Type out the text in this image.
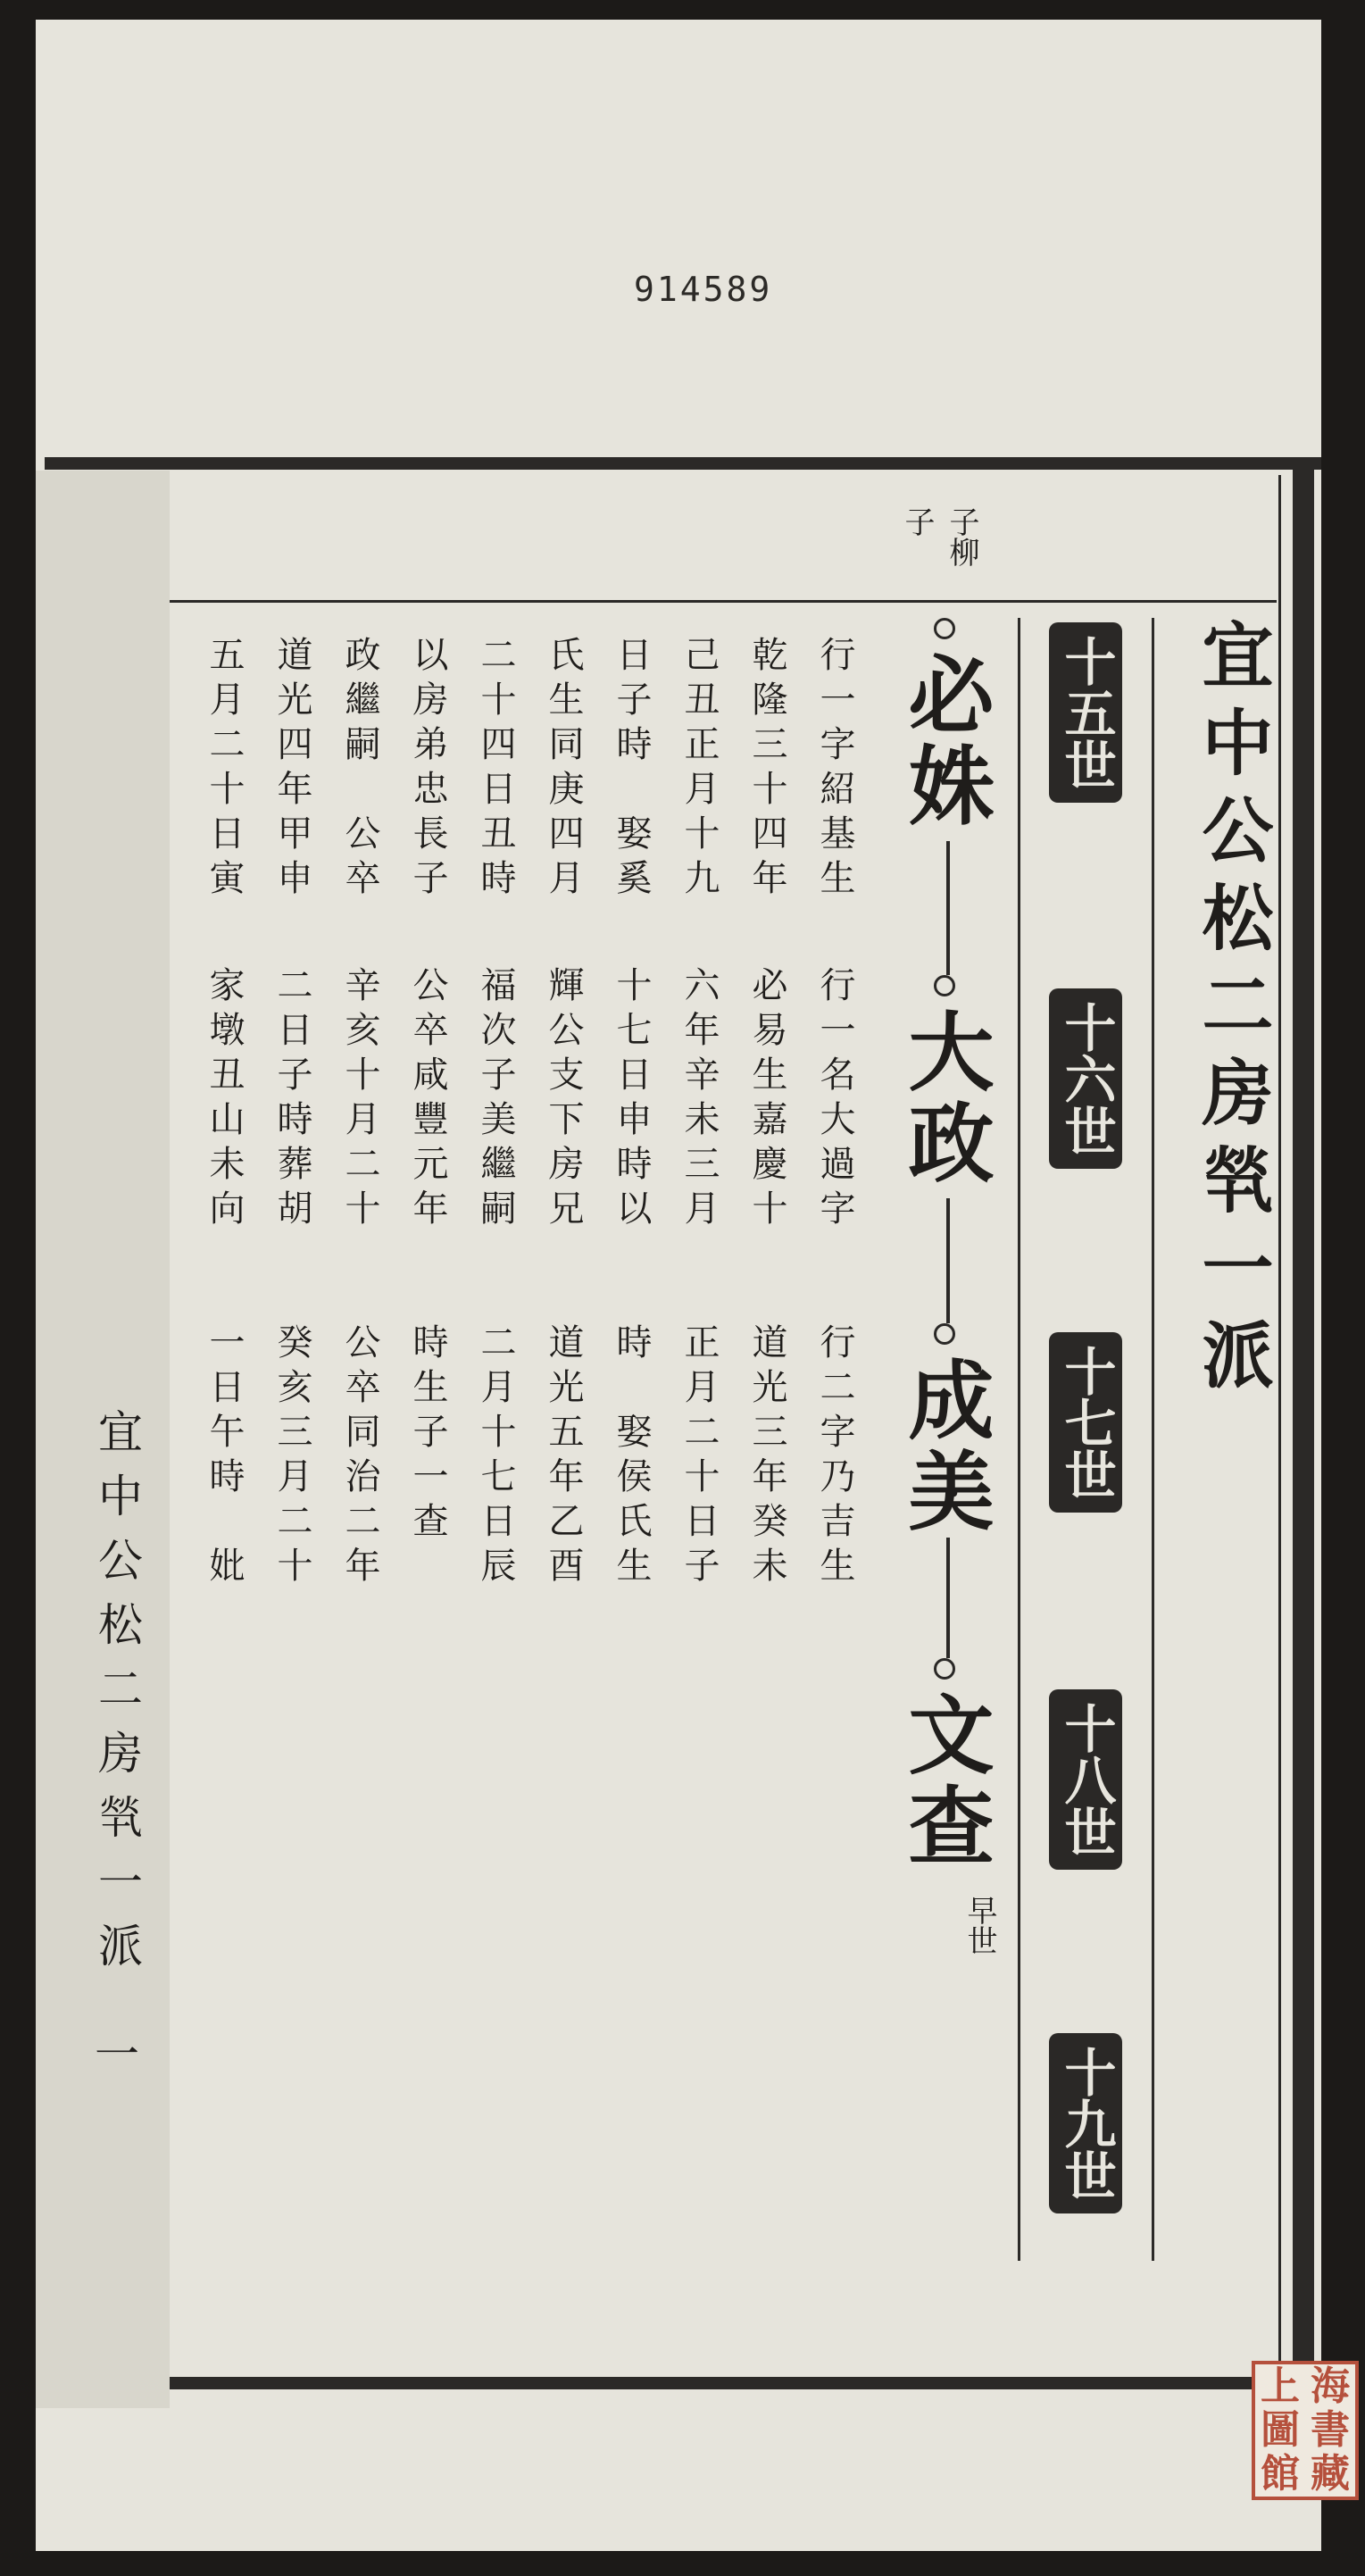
914589
宜中公松二房㷀一派
一
宜中公松二房㷀一派
十五世
十六世
十七世
十八世
十九世
子柳
子
必姝
大政
成美
文查
早世
行一字紹基生
乾隆三十四年
己丑正月十九
日子時　娶奚
氏生同庚四月
二十四日丑時
以房弟忠長子
政繼嗣　公卒
道光四年甲申
五月二十日寅
行一名大過字
必易生嘉慶十
六年辛未三月
十七日申時以
輝公支下房兄
福次子美繼嗣
公卒咸豐元年
辛亥十月二十
二日子時葬胡
家墩丑山未向
行二字乃吉生
道光三年癸未
正月二十日子
時　娶侯氏生
道光五年乙酉
二月十七日辰
時生子一查
公卒同治二年
癸亥三月二十
一日午時　妣
上 海
圖 書
館 藏
